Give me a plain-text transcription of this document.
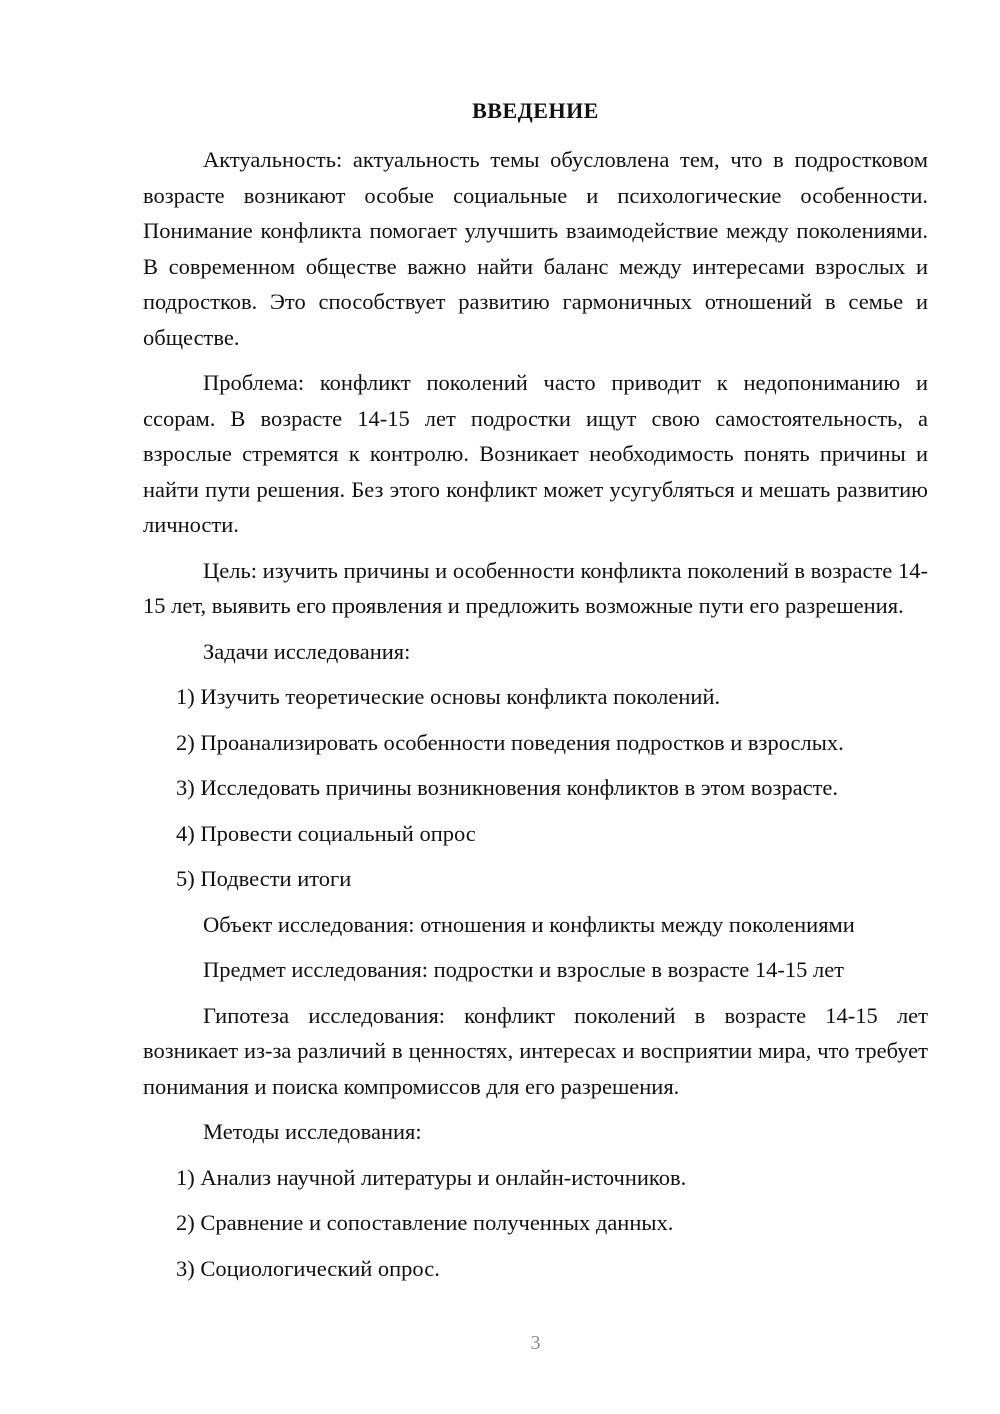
ВВЕДЕНИЕ

Актуальность: актуальность темы обусловлена тем, что в подростковом возрасте возникают особые социальные и психологические особенности. Понимание конфликта помогает улучшить взаимодействие между поколениями. В современном обществе важно найти баланс между интересами взрослых и подростков. Это способствует развитию гармоничных отношений в семье и обществе.

Проблема: конфликт поколений часто приводит к недопониманию и ссорам. В возрасте 14-15 лет подростки ищут свою самостоятельность, а взрослые стремятся к контролю. Возникает необходимость понять причины и найти пути решения. Без этого конфликт может усугубляться и мешать развитию личности.

Цель: изучить причины и особенности конфликта поколений в возрасте 14-15 лет, выявить его проявления и предложить возможные пути его разрешения.

Задачи исследования:

1) Изучить теоретические основы конфликта поколений.

2) Проанализировать особенности поведения подростков и взрослых.

3) Исследовать причины возникновения конфликтов в этом возрасте.

4) Провести социальный опрос

5) Подвести итоги

Объект исследования: отношения и конфликты между поколениями

Предмет исследования: подростки и взрослые в возрасте 14-15 лет

Гипотеза исследования: конфликт поколений в возрасте 14-15 лет возникает из-за различий в ценностях, интересах и восприятии мира, что требует понимания и поиска компромиссов для его разрешения.

Методы исследования:

1) Анализ научной литературы и онлайн-источников.

2) Сравнение и сопоставление полученных данных.

3) Социологический опрос.

3
